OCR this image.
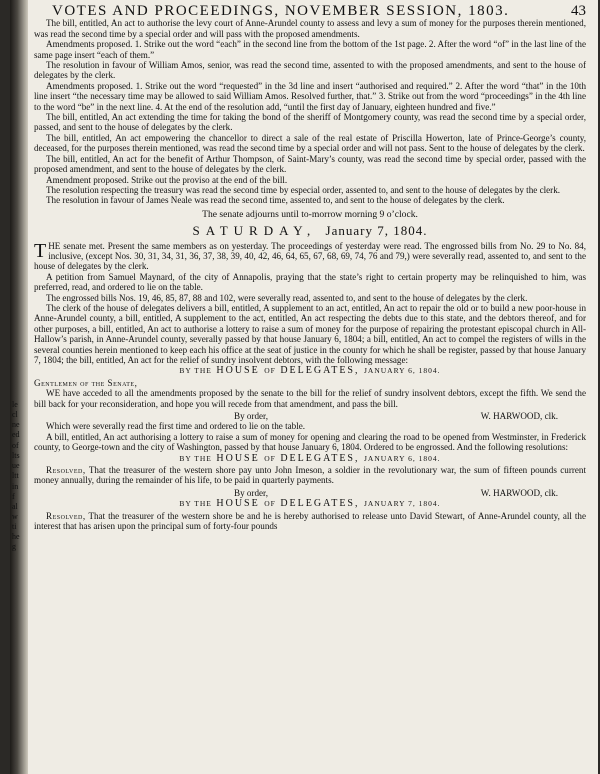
le
cl
ne
ed
of
lts
ue
ltt
in
f
al
w
ti
he
g
VOTES AND PROCEEDINGS, NOVEMBER SESSION, 1803.	43

The bill, entitled, An act to authorise the levy court of Anne-Arundel county to assess and levy a sum of money for the purposes therein mentioned, was read the second time by a special order and will pass with the proposed amendments.

Amendments proposed. 1. Strike out the word “each” in the second line from the bottom of the 1st page. 2. After the word “of” in the last line of the same page insert “each of them.”

The resolution in favour of William Amos, senior, was read the second time, assented to with the proposed amendments, and sent to the house of delegates by the clerk.

Amendments proposed. 1. Strike out the word “requested” in the 3d line and insert “authorised and required.” 2. After the word “that” in the 10th line insert “the necessary time may be allowed to said William Amos. Resolved further, that.” 3. Strike out from the word “proceedings” in the 4th line to the word “be” in the next line. 4. At the end of the resolution add, “until the first day of January, eighteen hundred and five.”

The bill, entitled, An act extending the time for taking the bond of the sheriff of Montgomery county, was read the second time by a special order, passed, and sent to the house of delegates by the clerk.

The bill, entitled, An act empowering the chancellor to direct a sale of the real estate of Priscilla Howerton, late of Prince-George’s county, deceased, for the purposes therein mentioned, was read the second time by a special order and will not pass. Sent to the house of delegates by the clerk.

The bill, entitled, An act for the benefit of Arthur Thompson, of Saint-Mary’s county, was read the second time by special order, passed with the proposed amendment, and sent to the house of delegates by the clerk.

Amendment proposed. Strike out the proviso at the end of the bill.

The resolution respecting the treasury was read the second time by especial order, assented to, and sent to the house of delegates by the clerk.

The resolution in favour of James Neale was read the second time, assented to, and sent to the house of delegates by the clerk.

The senate adjourns until to-morrow morning 9 o’clock.

SATURDAY, January 7, 1804.

THE senate met. Present the same members as on yesterday. The proceedings of yesterday were read. The engrossed bills from No. 29 to No. 84, inclusive, (except Nos. 30, 31, 34, 31, 36, 37, 38, 39, 40, 42, 46, 64, 65, 67, 68, 69, 74, 76 and 79,) were severally read, assented to, and sent to the house of delegates by the clerk.

A petition from Samuel Maynard, of the city of Annapolis, praying that the state’s right to certain property may be relinquished to him, was preferred, read, and ordered to lie on the table.

The engrossed bills Nos. 19, 46, 85, 87, 88 and 102, were severally read, assented to, and sent to the house of delegates by the clerk.

The clerk of the house of delegates delivers a bill, entitled, A supplement to an act, entitled, An act to repair the old or to build a new poor-house in Anne-Arundel county, a bill, entitled, A supplement to the act, entitled, An act respecting the debts due to this state, and the debtors thereof, and for other purposes, a bill, entitled, An act to authorise a lottery to raise a sum of money for the purpose of repairing the protestant episcopal church in All-Hallow’s parish, in Anne-Arundel county, severally passed by that house January 6, 1804; a bill, entitled, An act to compel the registers of wills in the several counties herein mentioned to keep each his office at the seat of justice in the county for which he shall be register, passed by that house January 7, 1804; the bill, entitled, An act for the relief of sundry insolvent debtors, with the following message:

BY THE HOUSE OF DELEGATES, JANUARY 6, 1804.

Gentlemen of the Senate,

WE have acceded to all the amendments proposed by the senate to the bill for the relief of sundry insolvent debtors, except the fifth. We send the bill back for your reconsideration, and hope you will recede from that amendment, and pass the bill.

By order,	W. HARWOOD, clk.

Which were severally read the first time and ordered to lie on the table.

A bill, entitled, An act authorising a lottery to raise a sum of money for opening and clearing the road to be opened from Westminster, in Frederick county, to George-town and the city of Washington, passed by that house January 6, 1804. Ordered to be engrossed. And the following resolutions:

BY THE HOUSE OF DELEGATES, JANUARY 6, 1804.

Resolved, That the treasurer of the western shore pay unto John Imeson, a soldier in the revolutionary war, the sum of fifteen pounds current money annually, during the remainder of his life, to be paid in quarterly payments.

By order,	W. HARWOOD, clk.
BY THE HOUSE OF DELEGATES, JANUARY 7, 1804.

Resolved, That the treasurer of the western shore be and he is hereby authorised to release unto David Stewart, of Anne-Arundel county, all the interest that has arisen upon the principal sum of forty-four pounds
